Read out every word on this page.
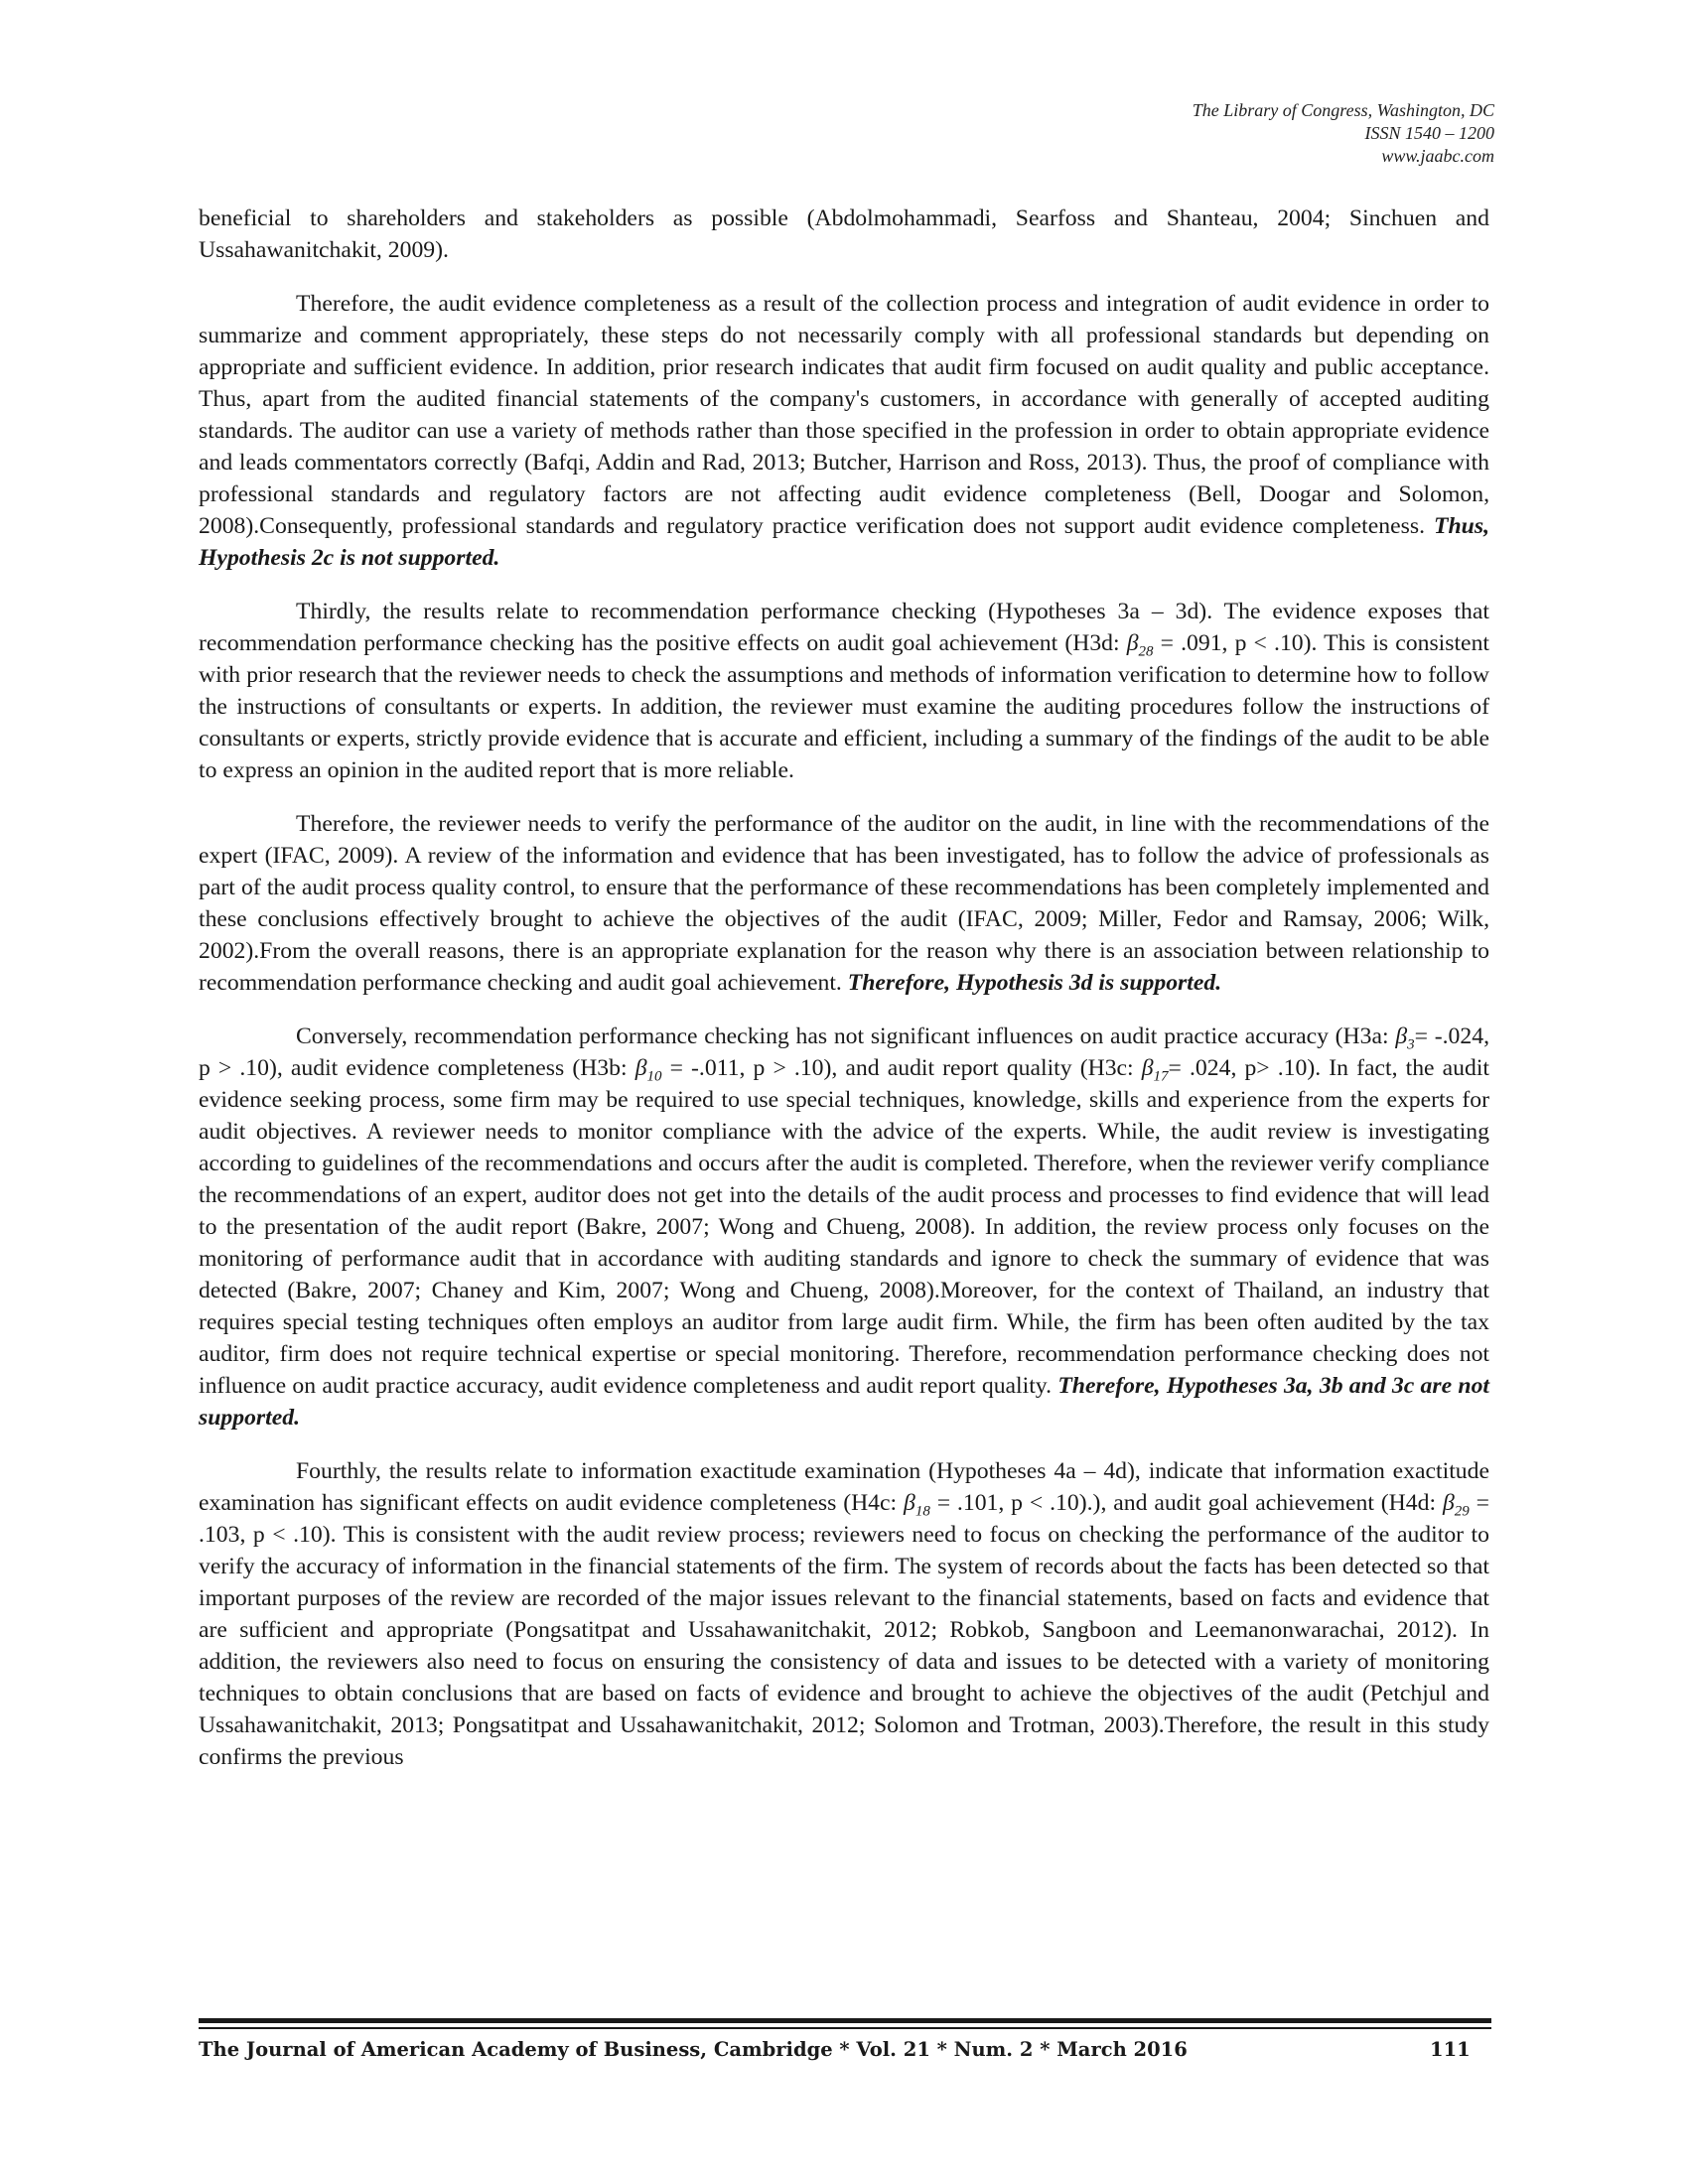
The Library of Congress, Washington, DC
ISSN 1540 – 1200
www.jaabc.com

beneficial to shareholders and stakeholders as possible (Abdolmohammadi, Searfoss and Shanteau, 2004; Sinchuen and Ussahawanitchakit, 2009).

Therefore, the audit evidence completeness as a result of the collection process and integration of audit evidence in order to summarize and comment appropriately, these steps do not necessarily comply with all professional standards but depending on appropriate and sufficient evidence. In addition, prior research indicates that audit firm focused on audit quality and public acceptance. Thus, apart from the audited financial statements of the company's customers, in accordance with generally of accepted auditing standards. The auditor can use a variety of methods rather than those specified in the profession in order to obtain appropriate evidence and leads commentators correctly (Bafqi, Addin and Rad, 2013; Butcher, Harrison and Ross, 2013). Thus, the proof of compliance with professional standards and regulatory factors are not affecting audit evidence completeness (Bell, Doogar and Solomon, 2008).Consequently, professional standards and regulatory practice verification does not support audit evidence completeness. Thus, Hypothesis 2c is not supported.

Thirdly, the results relate to recommendation performance checking (Hypotheses 3a – 3d). The evidence exposes that recommendation performance checking has the positive effects on audit goal achievement (H3d: $\beta_{28} = .091$, p < .10). This is consistent with prior research that the reviewer needs to check the assumptions and methods of information verification to determine how to follow the instructions of consultants or experts. In addition, the reviewer must examine the auditing procedures follow the instructions of consultants or experts, strictly provide evidence that is accurate and efficient, including a summary of the findings of the audit to be able to express an opinion in the audited report that is more reliable.

Therefore, the reviewer needs to verify the performance of the auditor on the audit, in line with the recommendations of the expert (IFAC, 2009). A review of the information and evidence that has been investigated, has to follow the advice of professionals as part of the audit process quality control, to ensure that the performance of these recommendations has been completely implemented and these conclusions effectively brought to achieve the objectives of the audit (IFAC, 2009; Miller, Fedor and Ramsay, 2006; Wilk, 2002).From the overall reasons, there is an appropriate explanation for the reason why there is an association between relationship to recommendation performance checking and audit goal achievement. Therefore, Hypothesis 3d is supported.

Conversely, recommendation performance checking has not significant influences on audit practice accuracy (H3a: $\beta_3= -.024$, p > .10), audit evidence completeness (H3b: $\beta_{10} = -.011$, p > .10), and audit report quality (H3c: $\beta_{17}= .024$, p> .10). In fact, the audit evidence seeking process, some firm may be required to use special techniques, knowledge, skills and experience from the experts for audit objectives. A reviewer needs to monitor compliance with the advice of the experts. While, the audit review is investigating according to guidelines of the recommendations and occurs after the audit is completed. Therefore, when the reviewer verify compliance the recommendations of an expert, auditor does not get into the details of the audit process and processes to find evidence that will lead to the presentation of the audit report (Bakre, 2007; Wong and Chueng, 2008). In addition, the review process only focuses on the monitoring of performance audit that in accordance with auditing standards and ignore to check the summary of evidence that was detected (Bakre, 2007; Chaney and Kim, 2007; Wong and Chueng, 2008).Moreover, for the context of Thailand, an industry that requires special testing techniques often employs an auditor from large audit firm. While, the firm has been often audited by the tax auditor, firm does not require technical expertise or special monitoring. Therefore, recommendation performance checking does not influence on audit practice accuracy, audit evidence completeness and audit report quality. Therefore, Hypotheses 3a, 3b and 3c are not supported.

Fourthly, the results relate to information exactitude examination (Hypotheses 4a – 4d), indicate that information exactitude examination has significant effects on audit evidence completeness (H4c: $\beta_{18} = .101$, p < .10).), and audit goal achievement (H4d: $\beta_{29} = .103$, p < .10). This is consistent with the audit review process; reviewers need to focus on checking the performance of the auditor to verify the accuracy of information in the financial statements of the firm. The system of records about the facts has been detected so that important purposes of the review are recorded of the major issues relevant to the financial statements, based on facts and evidence that are sufficient and appropriate (Pongsatitpat and Ussahawanitchakit, 2012; Robkob, Sangboon and Leemanonwarachai, 2012). In addition, the reviewers also need to focus on ensuring the consistency of data and issues to be detected with a variety of monitoring techniques to obtain conclusions that are based on facts of evidence and brought to achieve the objectives of the audit (Petchjul and Ussahawanitchakit, 2013; Pongsatitpat and Ussahawanitchakit, 2012; Solomon and Trotman, 2003).Therefore, the result in this study confirms the previous

The Journal of American Academy of Business, Cambridge * Vol. 21 * Num. 2 * March 2016	111
